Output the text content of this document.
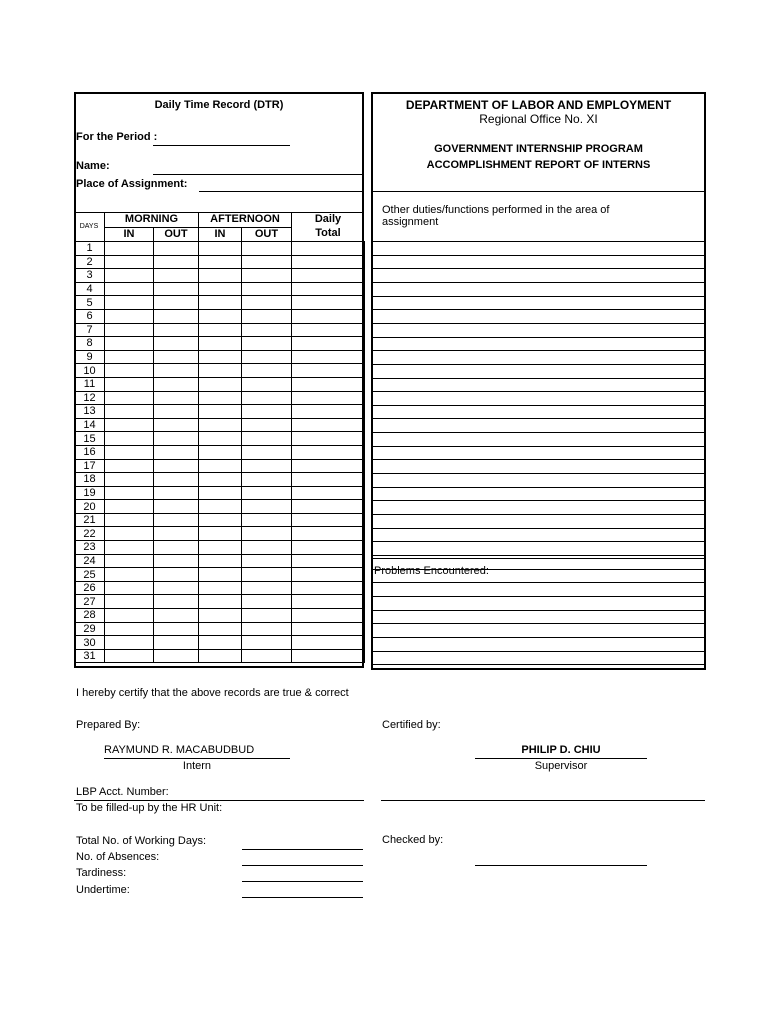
Daily Time Record (DTR)
For the Period :
Name:
Place of Assignment:
DAYS
MORNING	AFTERNOON
IN	OUT	IN	OUT
Daily
Total
1					
2					
3					
4					
5					
6					
7					
8					
9					
10					
11					
12					
13					
14					
15					
16					
17					
18					
19					
20					
21					
22					
23					
24					
25					
26					
27					
28					
29					
30					
31					
DEPARTMENT OF LABOR AND EMPLOYMENT
Regional Office No. XI
GOVERNMENT INTERNSHIP PROGRAM
ACCOMPLISHMENT REPORT OF INTERNS
Other duties/functions performed in the area of
assignment
Problems Encountered:
I hereby certify that the above records are true & correct
Prepared By:	Certified by:
RAYMUND R. MACABUDBUD
Intern
PHILIP D. CHIU
Supervisor
LBP Acct. Number:
To be filled-up by the HR Unit:
Total No. of Working Days:
No. of Absences:
Tardiness:
Undertime:
Checked by:
